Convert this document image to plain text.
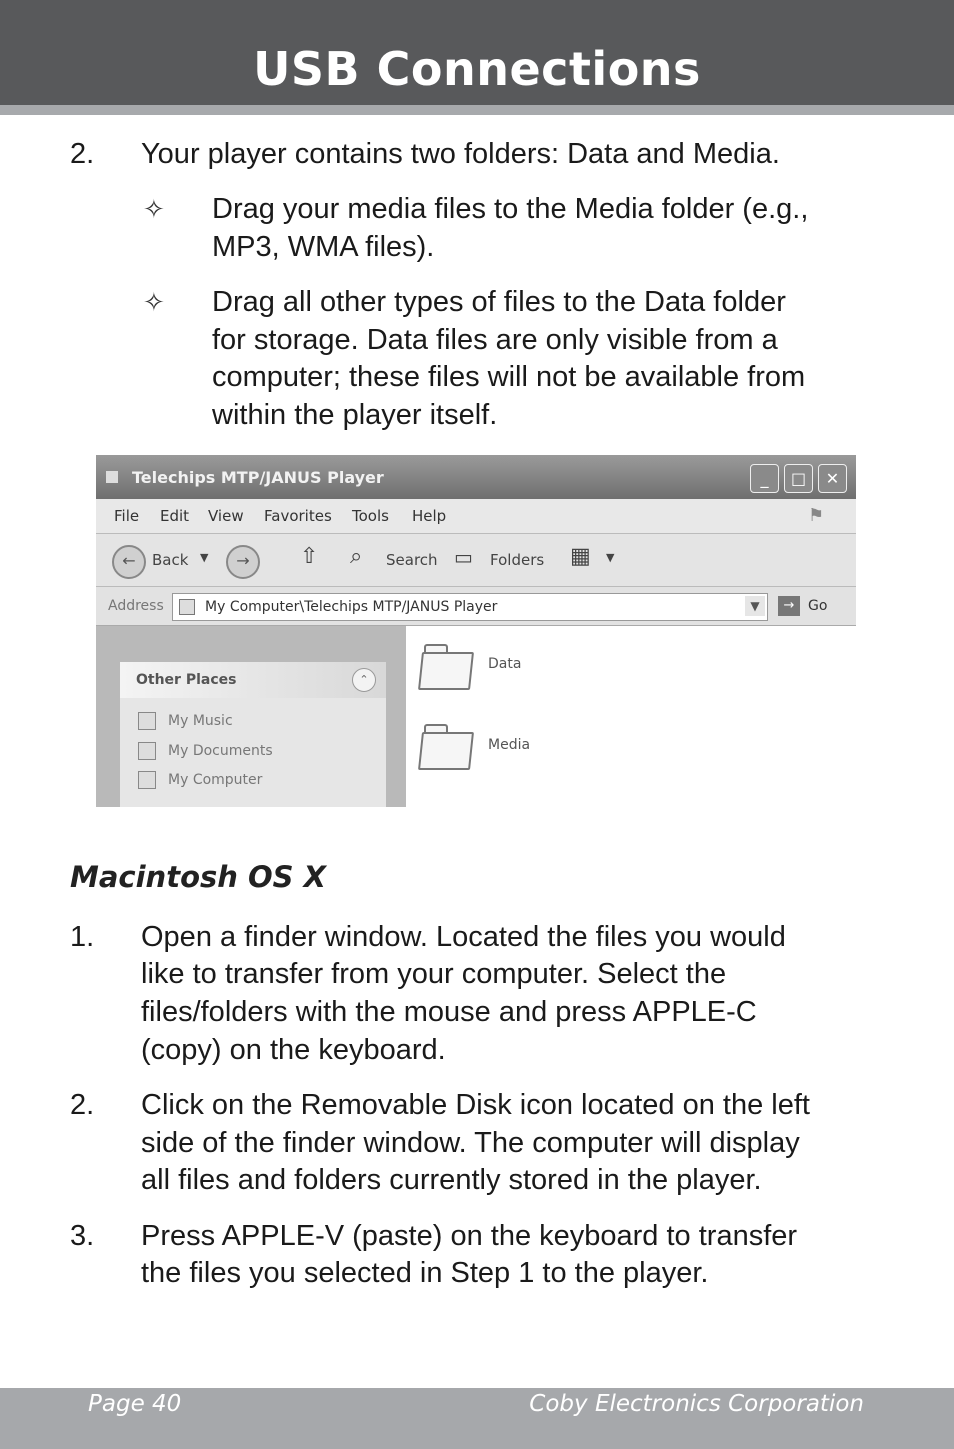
USB Connections
2. Your player contains two folders: Data and Media.
✧ Drag your media files to the Media folder (e.g.,
MP3, WMA files).
✧ Drag all other types of files to the Data folder
for storage. Data files are only visible from a
computer; these files will not be available from
within the player itself.
Telechips MTP/JANUS Player	_	□	✕
File Edit View Favorites Tools Help	⚑
←	Back ▼	→	⇧ ⌕ Search ▭ Folders ▦ ▼
Address	My Computer\Telechips MTP/JANUS Player	▼	→ Go
Other Places	⌃
My Music
My Documents
My Computer
Data
Media
Macintosh OS X
1. Open a finder window. Located the files you would
like to transfer from your computer. Select the
files/folders with the mouse and press APPLE-C
(copy) on the keyboard.
2. Click on the Removable Disk icon located on the left
side of the finder window. The computer will display
all files and folders currently stored in the player.
3. Press APPLE-V (paste) on the keyboard to transfer
the files you selected in Step 1 to the player.
Page 40	Coby Electronics Corporation
